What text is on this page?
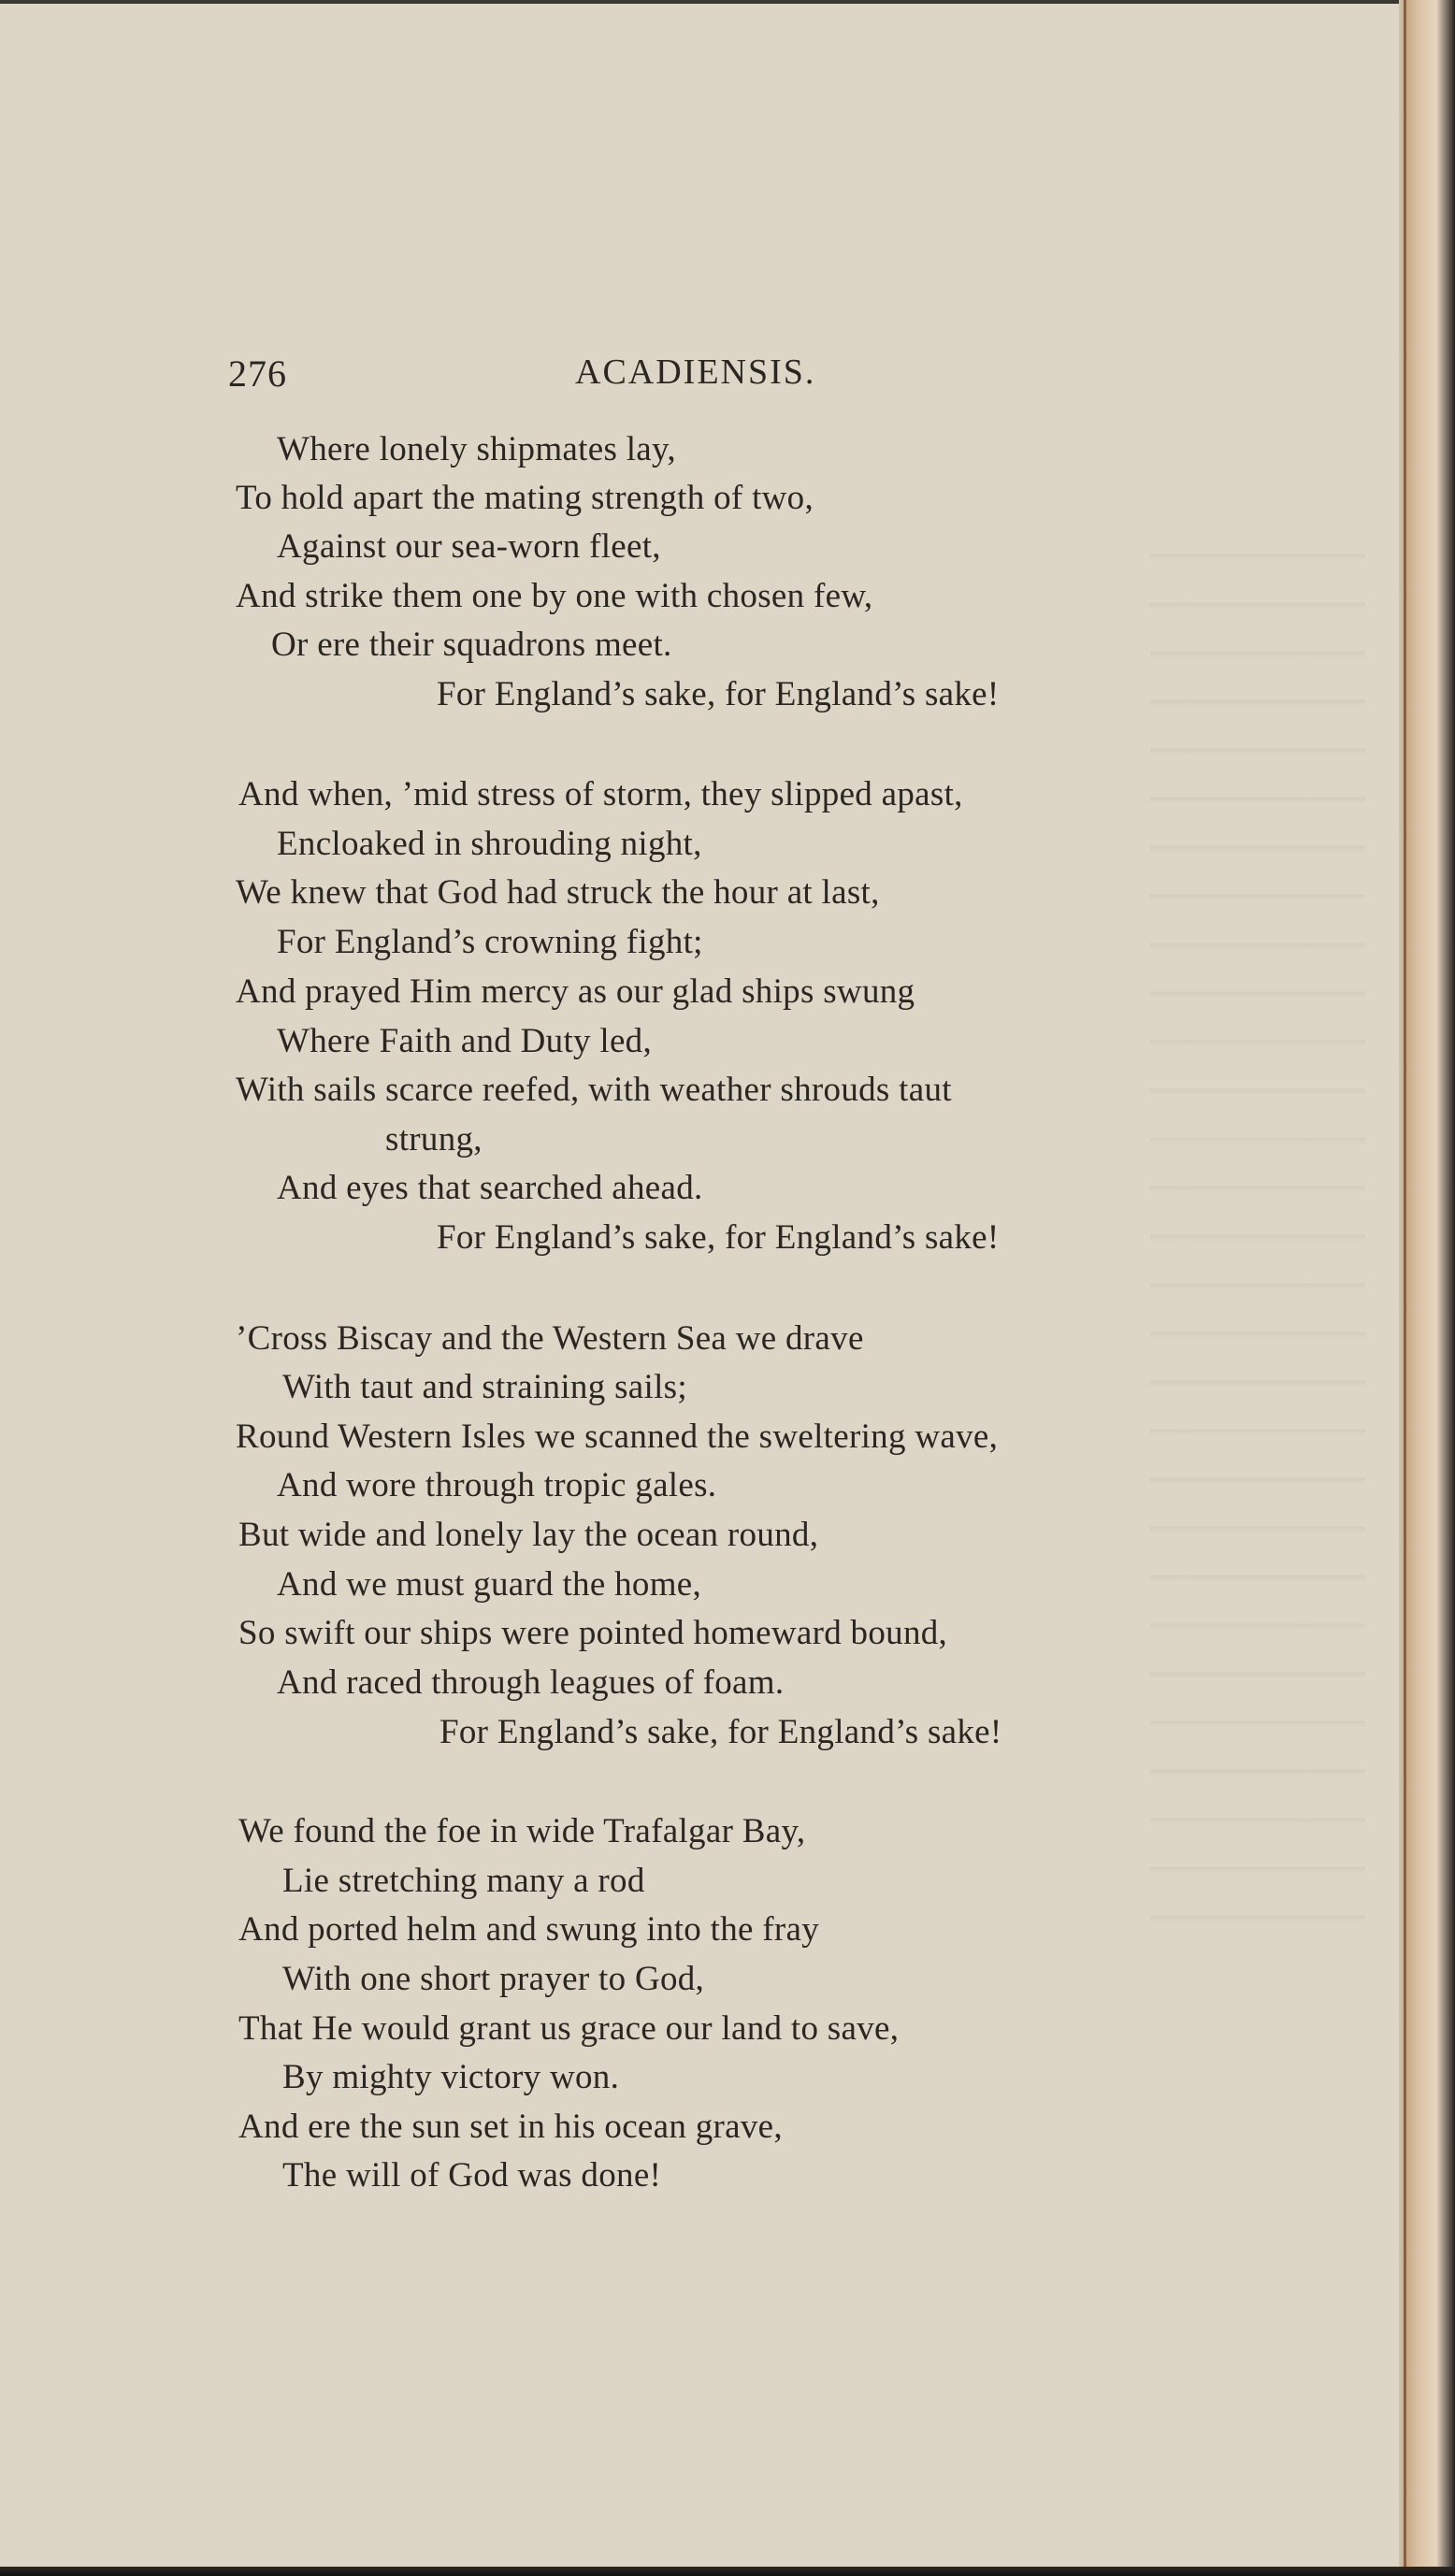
276	ACADIENSIS.
Where lonely shipmates lay,
To hold apart the mating strength of two,
Against our sea-worn fleet,
And strike them one by one with chosen few,
Or ere their squadrons meet.
For England’s sake, for England’s sake!
And when, ’mid stress of storm, they slipped apast,
Encloaked in shrouding night,
We knew that God had struck the hour at last,
For England’s crowning fight;
And prayed Him mercy as our glad ships swung
Where Faith and Duty led,
With sails scarce reefed, with weather shrouds taut
strung,
And eyes that searched ahead.
For England’s sake, for England’s sake!
’Cross Biscay and the Western Sea we drave
With taut and straining sails;
Round Western Isles we scanned the sweltering wave,
And wore through tropic gales.
But wide and lonely lay the ocean round,
And we must guard the home,
So swift our ships were pointed homeward bound,
And raced through leagues of foam.
For England’s sake, for England’s sake!
We found the foe in wide Trafalgar Bay,
Lie stretching many a rod
And ported helm and swung into the fray
With one short prayer to God,
That He would grant us grace our land to save,
By mighty victory won.
And ere the sun set in his ocean grave,
The will of God was done!
